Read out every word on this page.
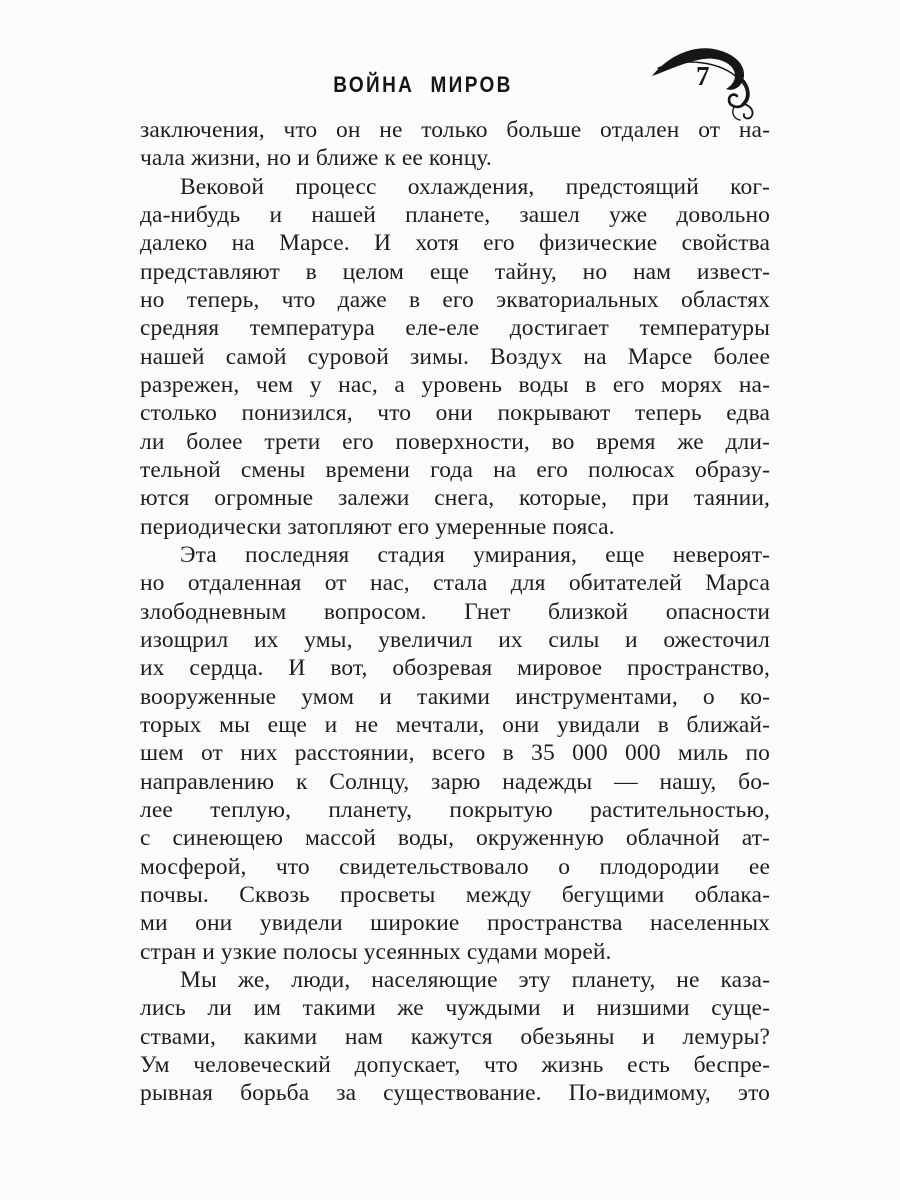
ВОЙНА МИРОВ	7
заключения, что он не только больше отдален от на-
чала жизни, но и ближе к ее концу.
Вековой процесс охлаждения, предстоящий ког-
да-нибудь и нашей планете, зашел уже довольно
далеко на Марсе. И хотя его физические свойства
представляют в целом еще тайну, но нам извест-
но теперь, что даже в его экваториальных областях
средняя температура еле-еле достигает температуры
нашей самой суровой зимы. Воздух на Марсе более
разрежен, чем у нас, а уровень воды в его морях на-
столько понизился, что они покрывают теперь едва
ли более трети его поверхности, во время же дли-
тельной смены времени года на его полюсах образу-
ются огромные залежи снега, которые, при таянии,
периодически затопляют его умеренные пояса.
Эта последняя стадия умирания, еще невероят-
но отдаленная от нас, стала для обитателей Марса
злободневным вопросом. Гнет близкой опасности
изощрил их умы, увеличил их силы и ожесточил
их сердца. И вот, обозревая мировое пространство,
вооруженные умом и такими инструментами, о ко-
торых мы еще и не мечтали, они увидали в ближай-
шем от них расстоянии, всего в 35 000 000 миль по
направлению к Солнцу, зарю надежды — нашу, бо-
лее теплую, планету, покрытую растительностью,
с синеющею массой воды, окруженную облачной ат-
мосферой, что свидетельствовало о плодородии ее
почвы. Сквозь просветы между бегущими облака-
ми они увидели широкие пространства населенных
стран и узкие полосы усеянных судами морей.
Мы же, люди, населяющие эту планету, не каза-
лись ли им такими же чуждыми и низшими суще-
ствами, какими нам кажутся обезьяны и лемуры?
Ум человеческий допускает, что жизнь есть беспре-
рывная борьба за существование. По-видимому, это
